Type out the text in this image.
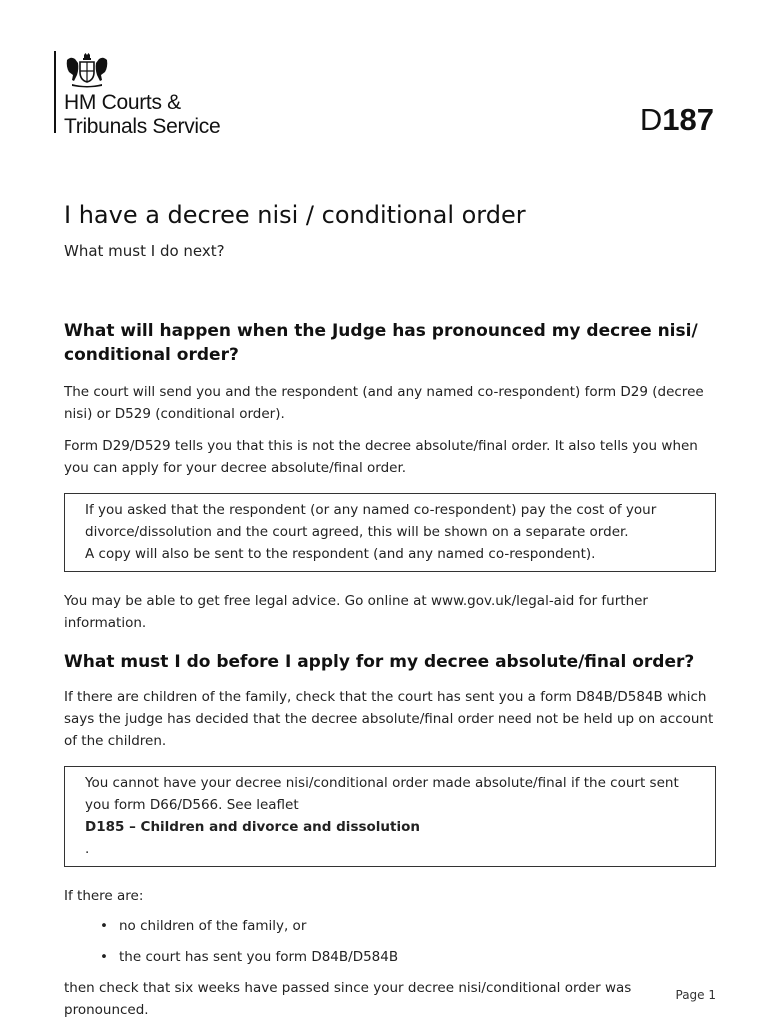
HM Courts &
Tribunals Service	D187
I have a decree nisi / conditional order

What must I do next?

What will happen when the Judge has pronounced my decree nisi/ conditional order?

The court will send you and the respondent (and any named co-respondent) form D29 (decree nisi) or D529 (conditional order).

Form D29/D529 tells you that this is not the decree absolute/final order. It also tells you when you can apply for your decree absolute/final order.

If you asked that the respondent (or any named co-respondent) pay the cost of your
divorce/dissolution and the court agreed, this will be shown on a separate order.
A copy will also be sent to the respondent (and any named co-respondent).

You may be able to get free legal advice. Go online at www.gov.uk/legal-aid for further information.

What must I do before I apply for my decree absolute/final order?

If there are children of the family, check that the court has sent you a form D84B/D584B which says the judge has decided that the decree absolute/final order need not be held up on account of the children.

You cannot have your decree nisi/conditional order made absolute/final if the court sent you form D66/D566. See leaflet
D185 – Children and divorce and dissolution
.

If there are:

• no children of the family, or
• the court has sent you form D84B/D584B

then check that six weeks have passed since your decree nisi/conditional order was pronounced.

Page 1
